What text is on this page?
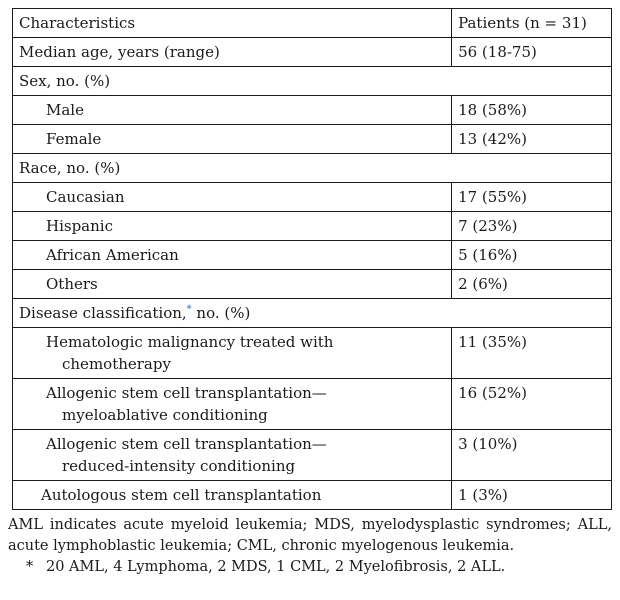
Characteristics	Patients (n = 31)
Median age, years (range)	56 (18-75)
Sex, no. (%)	
Male	18 (58%)
Female	13 (42%)
Race, no. (%)	
Caucasian	17 (55%)
Hispanic	7 (23%)
African American	5 (16%)
Others	2 (6%)
Disease classification,* no. (%)	
Hematologic malignancy treated with
chemotherapy	11 (35%)
Allogenic stem cell transplantation—
myeloablative conditioning	16 (52%)
Allogenic stem cell transplantation—
reduced-intensity conditioning	3 (10%)
Autologous stem cell transplantation	1 (3%)
AML indicates acute myeloid leukemia; MDS, myelodysplastic syndromes; ALL, acute lymphoblastic leukemia; CML, chronic myelogenous leukemia.
* 20 AML, 4 Lymphoma, 2 MDS, 1 CML, 2 Myelofibrosis, 2 ALL.
